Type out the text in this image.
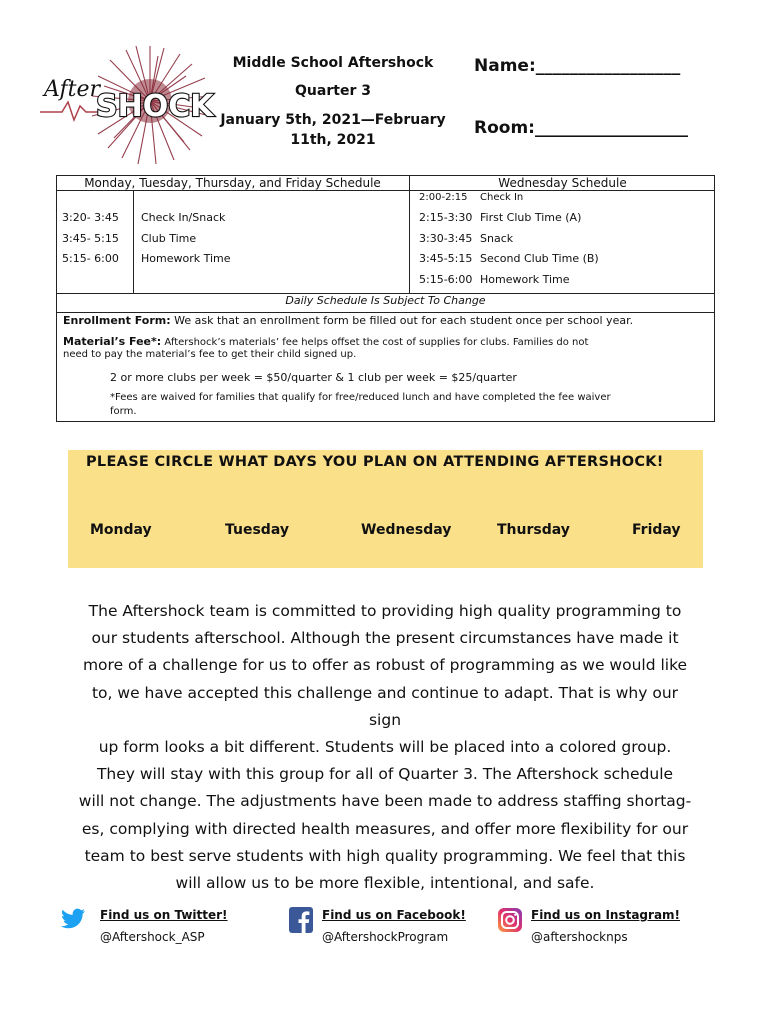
After
SHOCK
Middle School Aftershock
Quarter 3
January 5th, 2021—February 11th, 2021
Name:_________________
Room:__________________
Monday, Tuesday, Thursday, and Friday Schedule	Wednesday Schedule
3:20- 3:45 Check In/Snack
3:45- 5:15 Club Time
5:15- 6:00 Homework Time
2:00-2:15 Check In
2:15-3:30 First Club Time (A)
3:30-3:45 Snack
3:45-5:15 Second Club Time (B)
5:15-6:00 Homework Time
Daily Schedule Is Subject To Change
Enrollment Form: We ask that an enrollment form be filled out for each student once per school year.
Material’s Fee*: Aftershock’s materials’ fee helps offset the cost of supplies for clubs. Families do not
need to pay the material’s fee to get their child signed up.
2 or more clubs per week = $50/quarter & 1 club per week = $25/quarter
*Fees are waived for families that qualify for free/reduced lunch and have completed the fee waiver
form.
PLEASE CIRCLE WHAT DAYS YOU PLAN ON ATTENDING AFTERSHOCK!
Monday	Tuesday	Wednesday	Thursday	Friday
The Aftershock team is committed to providing high quality programming to
our students afterschool. Although the present circumstances have made it
more of a challenge for us to offer as robust of programming as we would like
to, we have accepted this challenge and continue to adapt. That is why our sign
up form looks a bit different. Students will be placed into a colored group.
They will stay with this group for all of Quarter 3. The Aftershock schedule
will not change. The adjustments have been made to address staffing shortag-
es, complying with directed health measures, and offer more flexibility for our
team to best serve students with high quality programming. We feel that this
will allow us to be more flexible, intentional, and safe.
Find us on Twitter!
@Aftershock_ASP
Find us on Facebook!
@AftershockProgram
Find us on Instagram!
@aftershocknps
